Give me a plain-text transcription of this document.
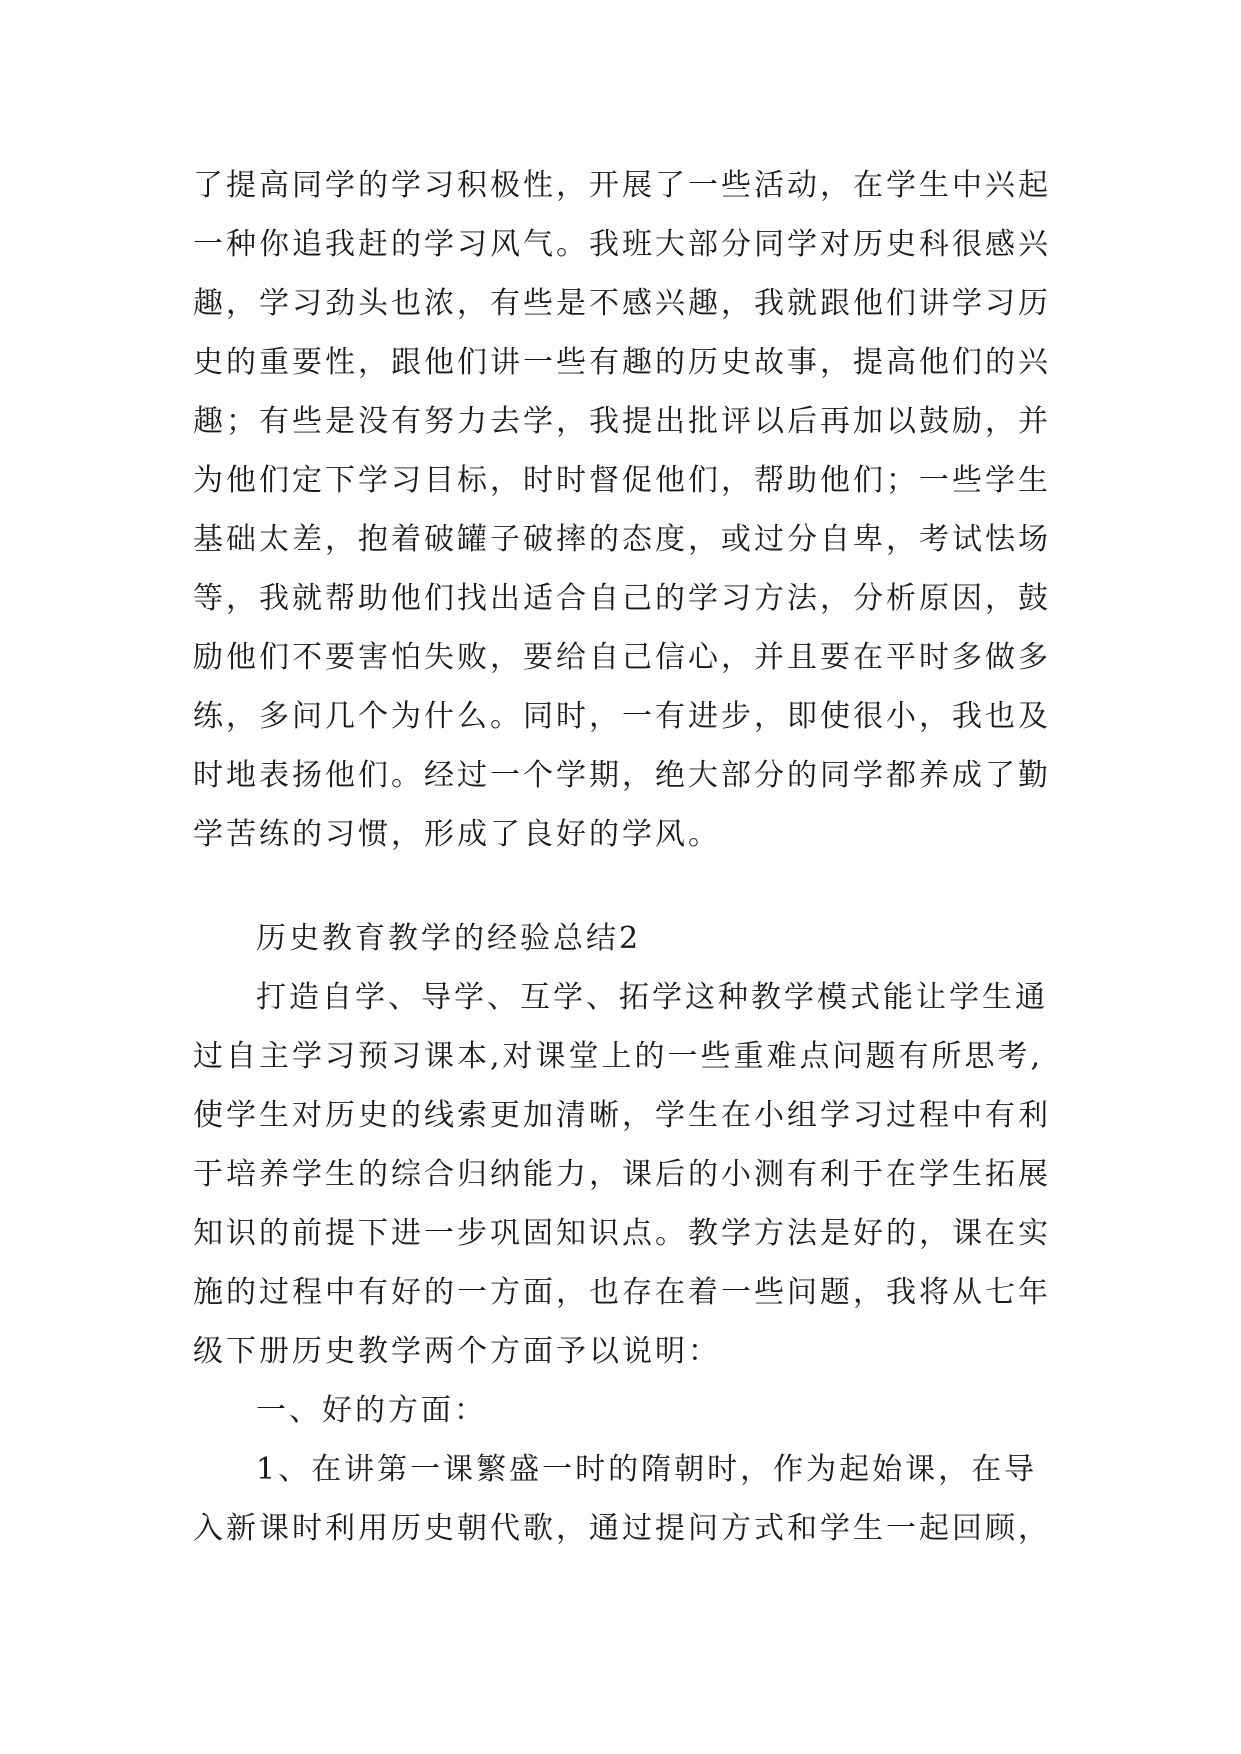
了提高同学的学习积极性，开展了一些活动，在学生中兴起
一种你追我赶的学习风气。我班大部分同学对历史科很感兴
趣，学习劲头也浓，有些是不感兴趣，我就跟他们讲学习历
史的重要性，跟他们讲一些有趣的历史故事，提高他们的兴
趣；有些是没有努力去学，我提出批评以后再加以鼓励，并
为他们定下学习目标，时时督促他们，帮助他们；一些学生
基础太差，抱着破罐子破摔的态度，或过分自卑，考试怯场
等，我就帮助他们找出适合自己的学习方法，分析原因，鼓
励他们不要害怕失败，要给自己信心，并且要在平时多做多
练，多问几个为什么。同时，一有进步，即使很小，我也及
时地表扬他们。经过一个学期，绝大部分的同学都养成了勤
学苦练的习惯，形成了良好的学风。
历史教育教学的经验总结2
打造自学、导学、互学、拓学这种教学模式能让学生通
过自主学习预习课本,对课堂上的一些重难点问题有所思考,
使学生对历史的线索更加清晰，学生在小组学习过程中有利
于培养学生的综合归纳能力，课后的小测有利于在学生拓展
知识的前提下进一步巩固知识点。教学方法是好的，课在实
施的过程中有好的一方面，也存在着一些问题，我将从七年
级下册历史教学两个方面予以说明：
一、好的方面：
1、在讲第一课繁盛一时的隋朝时，作为起始课，在导
入新课时利用历史朝代歌，通过提问方式和学生一起回顾，
